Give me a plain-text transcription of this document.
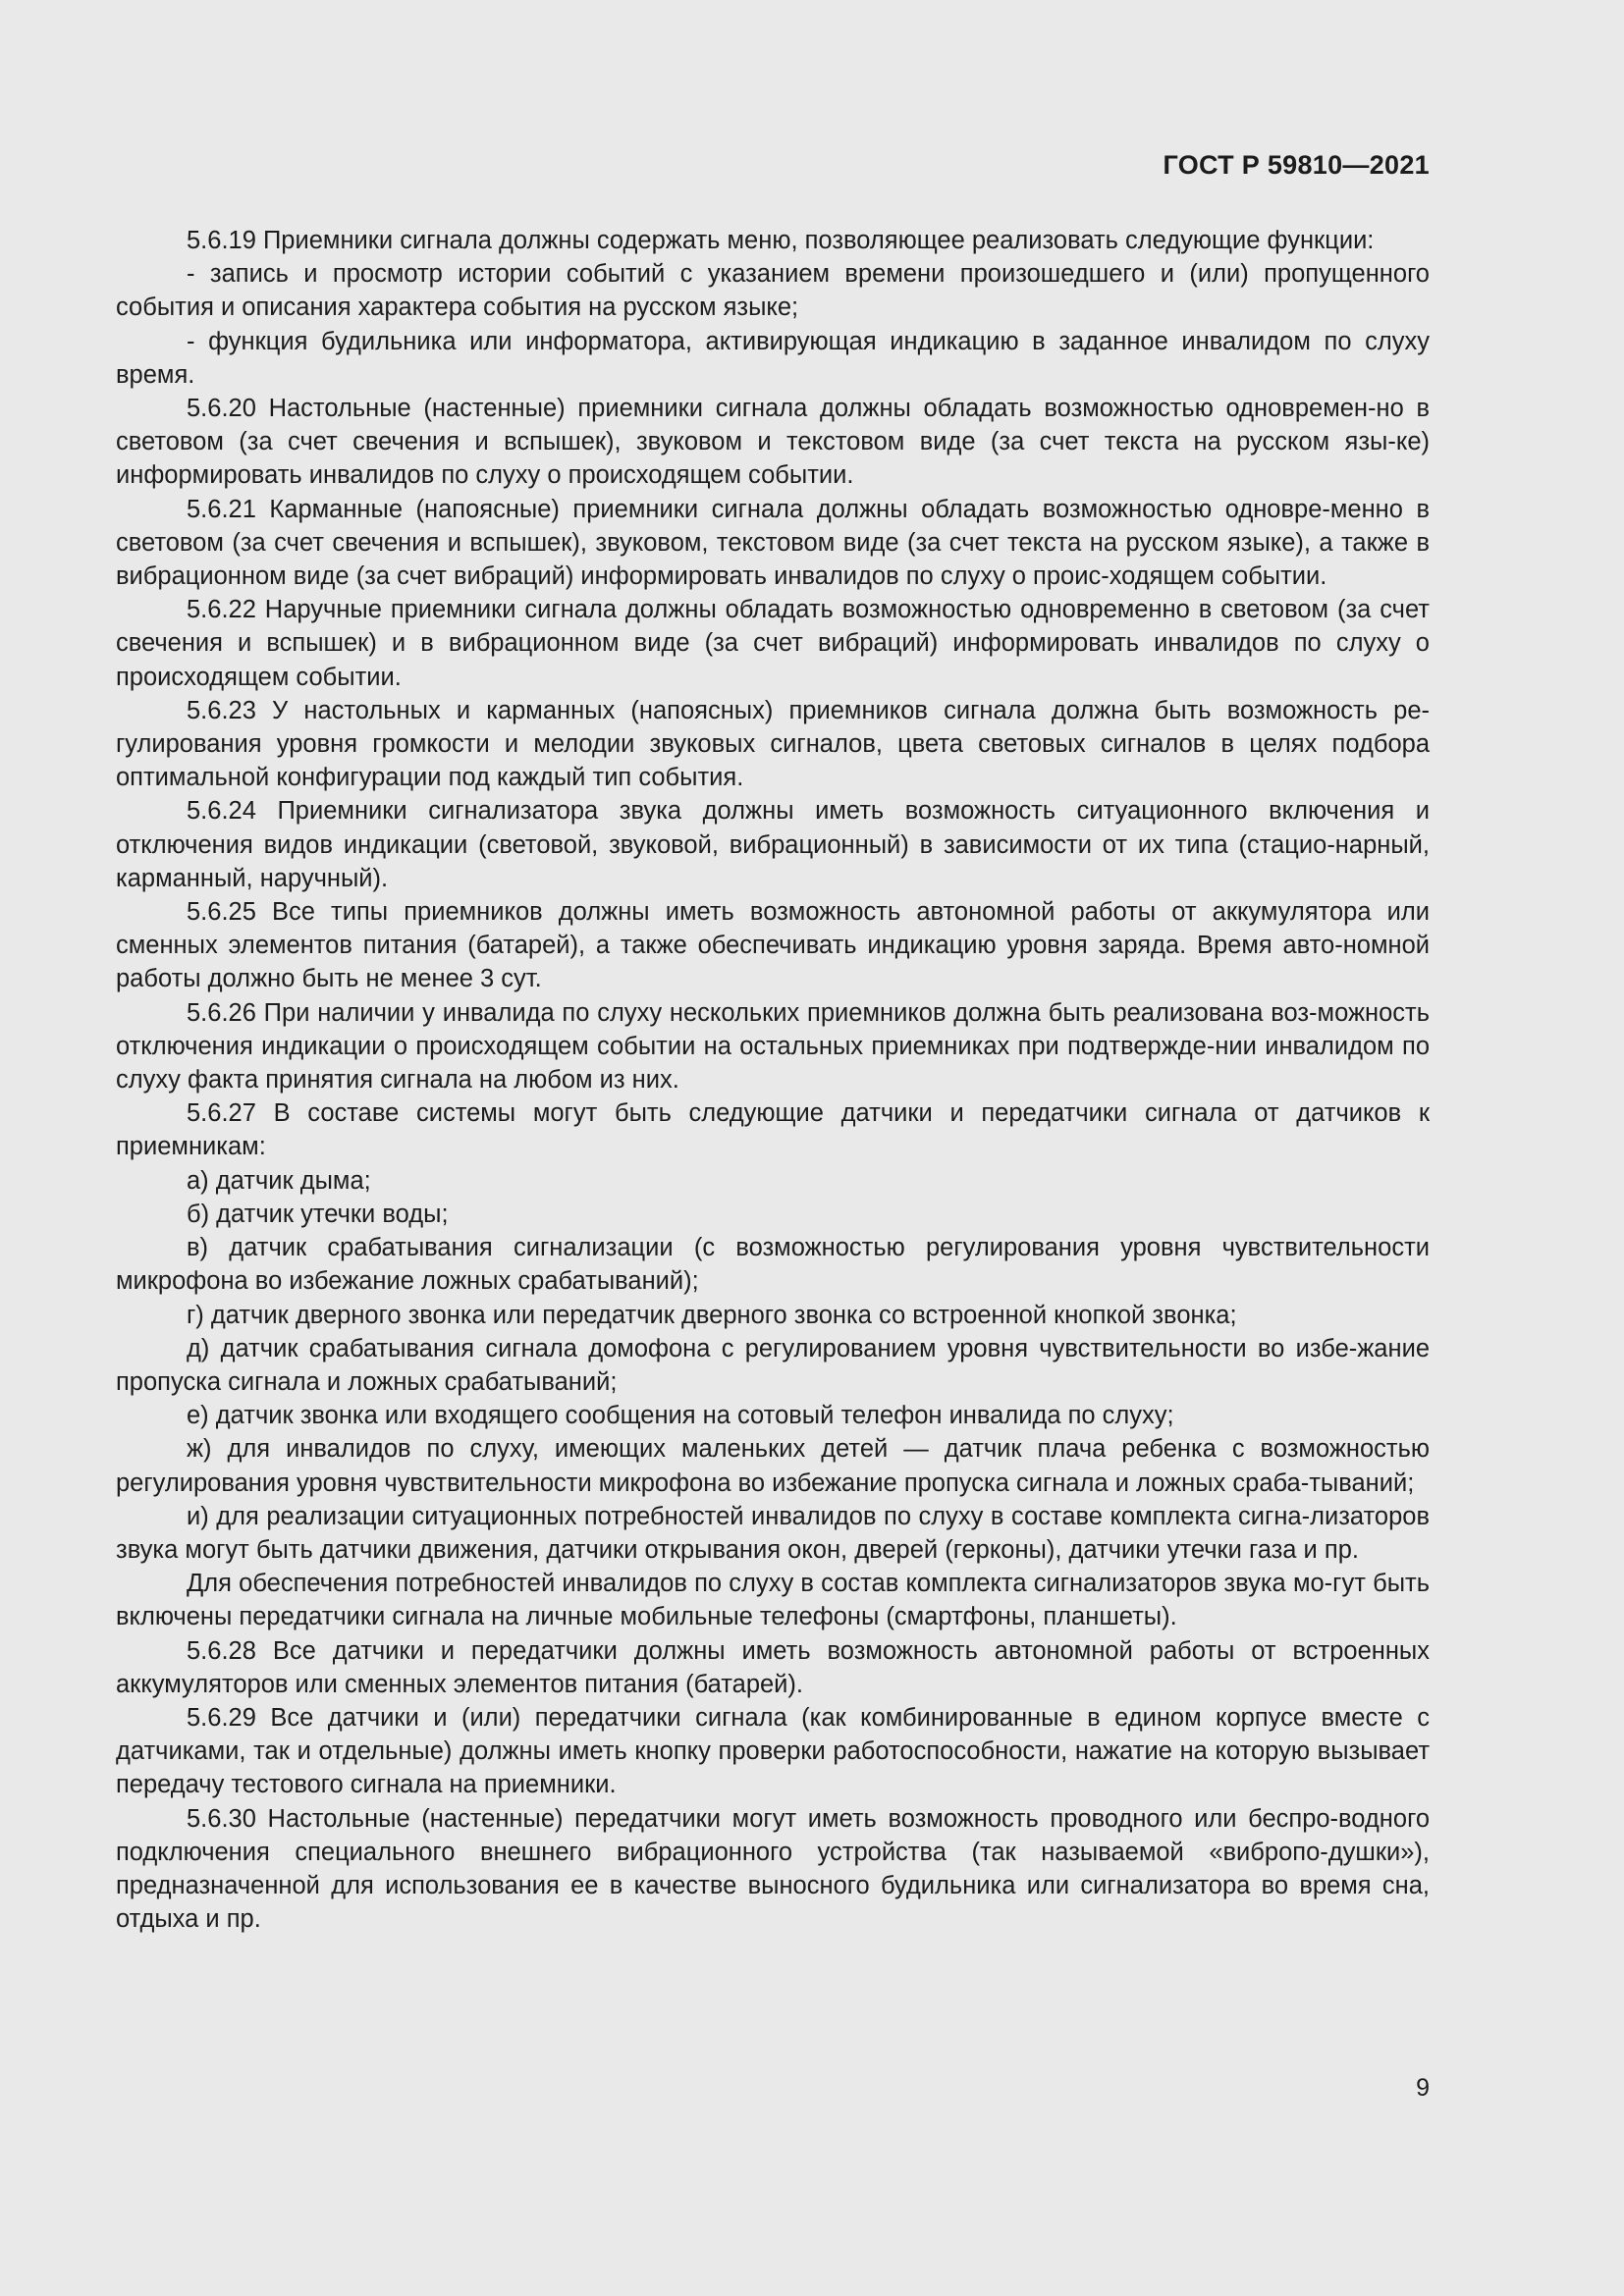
ГОСТ Р 59810—2021

5.6.19 Приемники сигнала должны содержать меню, позволяющее реализовать следующие функции:

- запись и просмотр истории событий с указанием времени произошедшего и (или) пропущенного события и описания характера события на русском языке;

- функция будильника или информатора, активирующая индикацию в заданное инвалидом по слуху время.

5.6.20 Настольные (настенные) приемники сигнала должны обладать возможностью одновремен-но в световом (за счет свечения и вспышек), звуковом и текстовом виде (за счет текста на русском язы-ке) информировать инвалидов по слуху о происходящем событии.

5.6.21 Карманные (напоясные) приемники сигнала должны обладать возможностью одновре-менно в световом (за счет свечения и вспышек), звуковом, текстовом виде (за счет текста на русском языке), а также в вибрационном виде (за счет вибраций) информировать инвалидов по слуху о проис-ходящем событии.

5.6.22 Наручные приемники сигнала должны обладать возможностью одновременно в световом (за счет свечения и вспышек) и в вибрационном виде (за счет вибраций) информировать инвалидов по слуху о происходящем событии.

5.6.23 У настольных и карманных (напоясных) приемников сигнала должна быть возможность ре-гулирования уровня громкости и мелодии звуковых сигналов, цвета световых сигналов в целях подбора оптимальной конфигурации под каждый тип события.

5.6.24 Приемники сигнализатора звука должны иметь возможность ситуационного включения и отключения видов индикации (световой, звуковой, вибрационный) в зависимости от их типа (стацио-нарный, карманный, наручный).

5.6.25 Все типы приемников должны иметь возможность автономной работы от аккумулятора или сменных элементов питания (батарей), а также обеспечивать индикацию уровня заряда. Время авто-номной работы должно быть не менее 3 сут.

5.6.26 При наличии у инвалида по слуху нескольких приемников должна быть реализована воз-можность отключения индикации о происходящем событии на остальных приемниках при подтвержде-нии инвалидом по слуху факта принятия сигнала на любом из них.

5.6.27 В составе системы могут быть следующие датчики и передатчики сигнала от датчиков к приемникам:

а) датчик дыма;

б) датчик утечки воды;

в) датчик срабатывания сигнализации (с возможностью регулирования уровня чувствительности микрофона во избежание ложных срабатываний);

г) датчик дверного звонка или передатчик дверного звонка со встроенной кнопкой звонка;

д) датчик срабатывания сигнала домофона с регулированием уровня чувствительности во избе-жание пропуска сигнала и ложных срабатываний;

е) датчик звонка или входящего сообщения на сотовый телефон инвалида по слуху;

ж) для инвалидов по слуху, имеющих маленьких детей — датчик плача ребенка с возможностью регулирования уровня чувствительности микрофона во избежание пропуска сигнала и ложных сраба-тываний;

и) для реализации ситуационных потребностей инвалидов по слуху в составе комплекта сигна-лизаторов звука могут быть датчики движения, датчики открывания окон, дверей (герконы), датчики утечки газа и пр.

Для обеспечения потребностей инвалидов по слуху в состав комплекта сигнализаторов звука мо-гут быть включены передатчики сигнала на личные мобильные телефоны (смартфоны, планшеты).

5.6.28 Все датчики и передатчики должны иметь возможность автономной работы от встроенных аккумуляторов или сменных элементов питания (батарей).

5.6.29 Все датчики и (или) передатчики сигнала (как комбинированные в едином корпусе вместе с датчиками, так и отдельные) должны иметь кнопку проверки работоспособности, нажатие на которую вызывает передачу тестового сигнала на приемники.

5.6.30 Настольные (настенные) передатчики могут иметь возможность проводного или беспро-водного подключения специального внешнего вибрационного устройства (так называемой «вибропо-душки»), предназначенной для использования ее в качестве выносного будильника или сигнализатора во время сна, отдыха и пр.

9
